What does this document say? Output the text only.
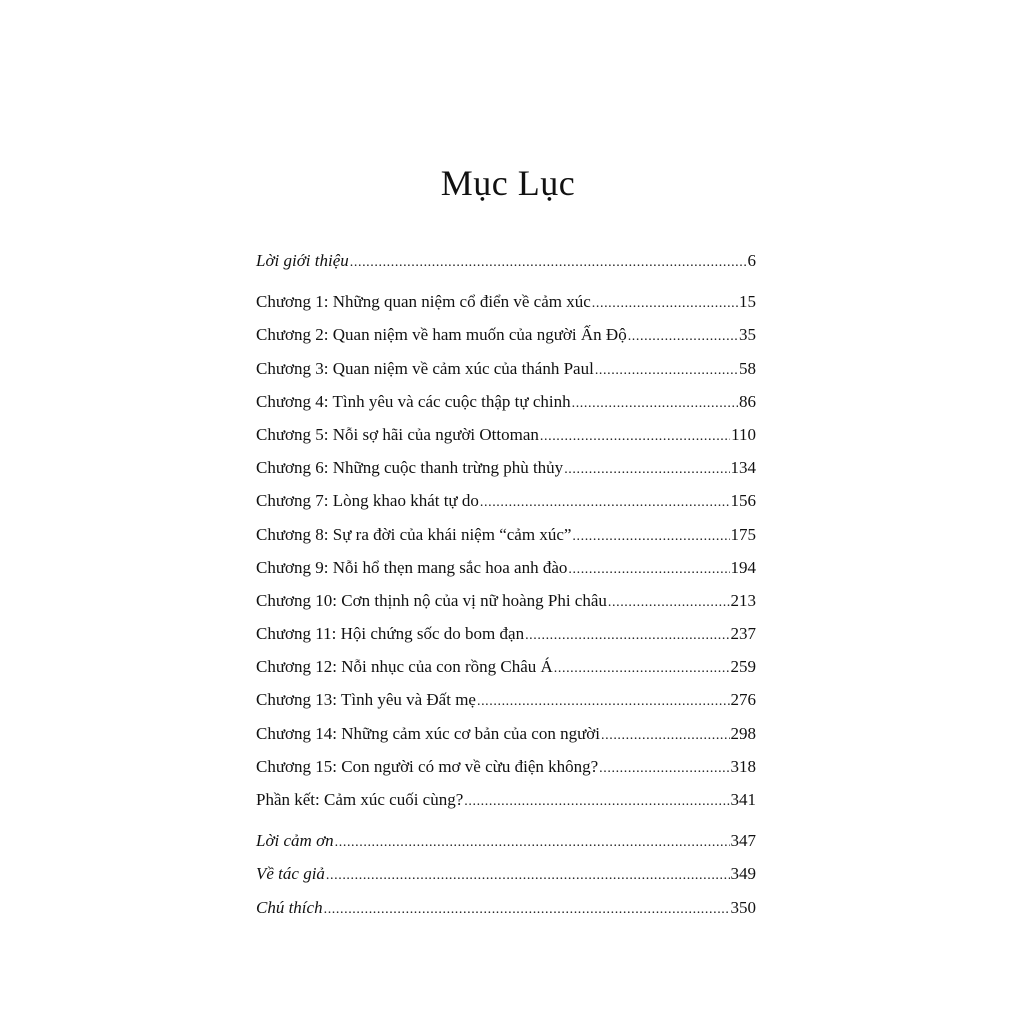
Mục Lục
Lời giới thiệu .....	6
Chương 1: Những quan niệm cổ điển về cảm xúc .....	15
Chương 2: Quan niệm về ham muốn của người Ấn Độ .....	35
Chương 3: Quan niệm về cảm xúc của thánh Paul .....	58
Chương 4: Tình yêu và các cuộc thập tự chinh .....	86
Chương 5: Nỗi sợ hãi của người Ottoman .....	110
Chương 6: Những cuộc thanh trừng phù thủy .....	134
Chương 7: Lòng khao khát tự do .....	156
Chương 8: Sự ra đời của khái niệm “cảm xúc” .....	175
Chương 9: Nỗi hổ thẹn mang sắc hoa anh đào .....	194
Chương 10: Cơn thịnh nộ của vị nữ hoàng Phi châu .....	213
Chương 11: Hội chứng sốc do bom đạn .....	237
Chương 12: Nỗi nhục của con rồng Châu Á .....	259
Chương 13: Tình yêu và Đất mẹ .....	276
Chương 14: Những cảm xúc cơ bản của con người .....	298
Chương 15: Con người có mơ về cừu điện không? .....	318
Phần kết: Cảm xúc cuối cùng? .....	341
Lời cảm ơn .....	347
Về tác giả .....	349
Chú thích .....	350
